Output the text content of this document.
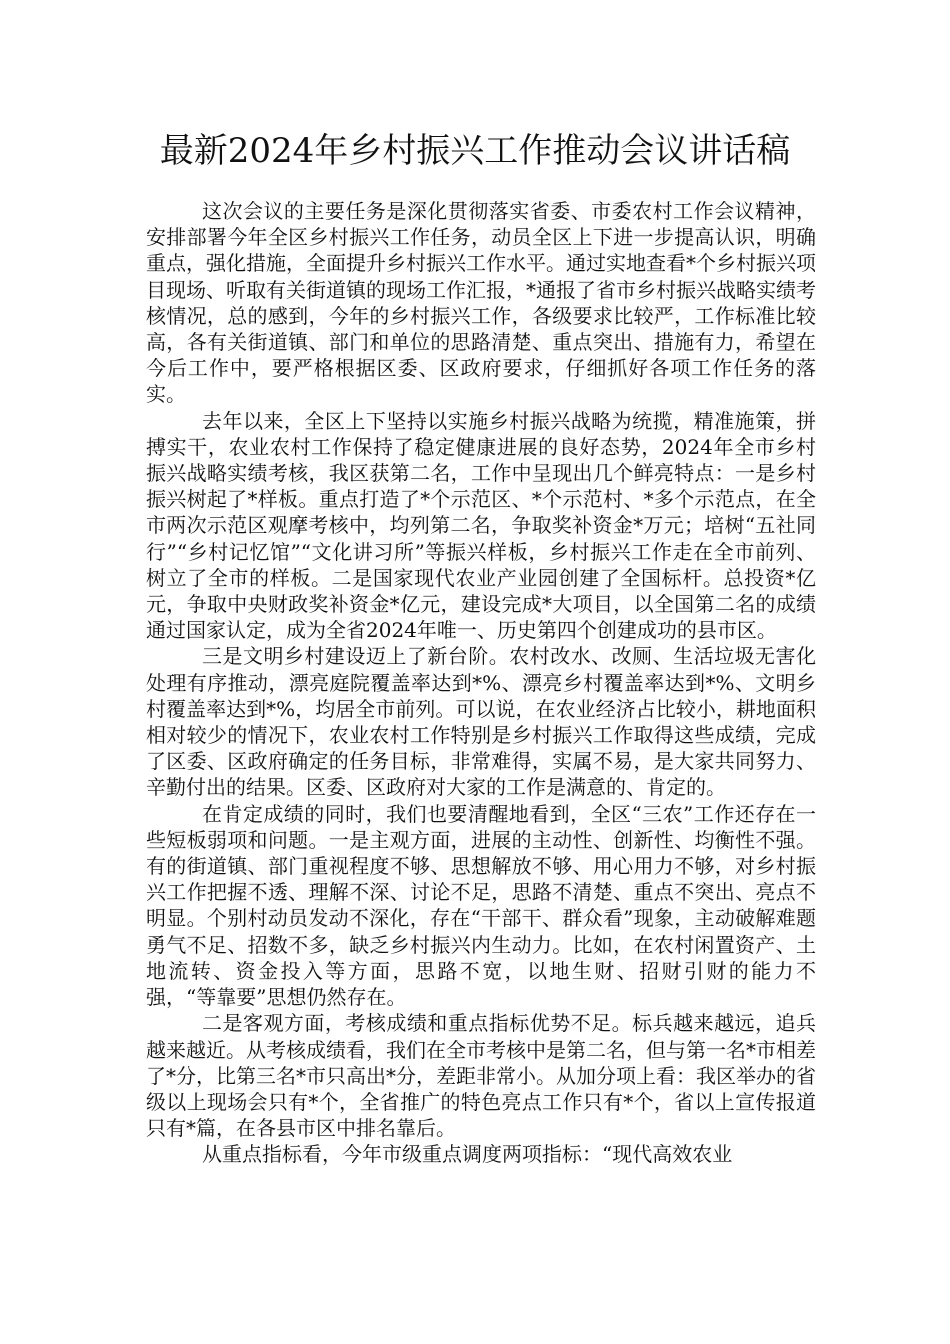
最新2024年乡村振兴工作推动会议讲话稿

这次会议的主要任务是深化贯彻落实省委、市委农村工作会议精神，安排部署今年全区乡村振兴工作任务，动员全区上下进一步提高认识，明确重点，强化措施，全面提升乡村振兴工作水平。通过实地查看*个乡村振兴项目现场、听取有关街道镇的现场工作汇报，*通报了省市乡村振兴战略实绩考核情况，总的感到，今年的乡村振兴工作，各级要求比较严，工作标准比较高，各有关街道镇、部门和单位的思路清楚、重点突出、措施有力，希望在今后工作中，要严格根据区委、区政府要求，仔细抓好各项工作任务的落实。

去年以来，全区上下坚持以实施乡村振兴战略为统揽，精准施策，拼搏实干，农业农村工作保持了稳定健康进展的良好态势，2024年全市乡村振兴战略实绩考核，我区获第二名，工作中呈现出几个鲜亮特点：一是乡村振兴树起了*样板。重点打造了*个示范区、*个示范村、*多个示范点，在全市两次示范区观摩考核中，均列第二名，争取奖补资金*万元；培树“五社同行”“乡村记忆馆”“文化讲习所”等振兴样板，乡村振兴工作走在全市前列、树立了全市的样板。二是国家现代农业产业园创建了全国标杆。总投资*亿元，争取中央财政奖补资金*亿元，建设完成*大项目，以全国第二名的成绩通过国家认定，成为全省2024年唯一、历史第四个创建成功的县市区。

三是文明乡村建设迈上了新台阶。农村改水、改厕、生活垃圾无害化处理有序推动，漂亮庭院覆盖率达到*%、漂亮乡村覆盖率达到*%、文明乡村覆盖率达到*%，均居全市前列。可以说，在农业经济占比较小，耕地面积相对较少的情况下，农业农村工作特别是乡村振兴工作取得这些成绩，完成了区委、区政府确定的任务目标，非常难得，实属不易，是大家共同努力、辛勤付出的结果。区委、区政府对大家的工作是满意的、肯定的。

在肯定成绩的同时，我们也要清醒地看到，全区“三农”工作还存在一些短板弱项和问题。一是主观方面，进展的主动性、创新性、均衡性不强。有的街道镇、部门重视程度不够、思想解放不够、用心用力不够，对乡村振兴工作把握不透、理解不深、讨论不足，思路不清楚、重点不突出、亮点不明显。个别村动员发动不深化，存在“干部干、群众看”现象，主动破解难题勇气不足、招数不多，缺乏乡村振兴内生动力。比如，在农村闲置资产、土地流转、资金投入等方面，思路不宽，以地生财、招财引财的能力不强，“等靠要”思想仍然存在。

二是客观方面，考核成绩和重点指标优势不足。标兵越来越远，追兵越来越近。从考核成绩看，我们在全市考核中是第二名，但与第一名*市相差了*分，比第三名*市只高出*分，差距非常小。从加分项上看：我区举办的省级以上现场会只有*个，全省推广的特色亮点工作只有*个，省以上宣传报道只有*篇，在各县市区中排名靠后。

从重点指标看，今年市级重点调度两项指标：“现代高效农业
